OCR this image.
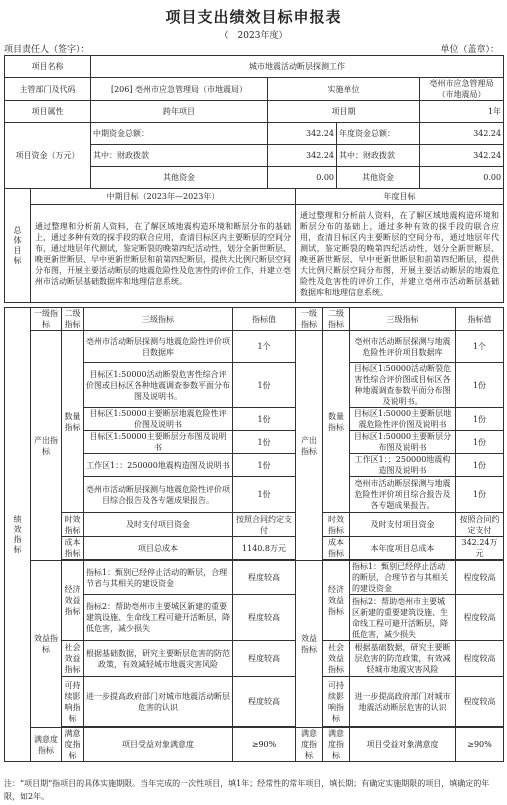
项目支出绩效目标申报表
（　2023年度）
项目责任人（签字）：	单位（盖章）：
项目名称	城市地震活动断层探测工作			
主管部门及代码	[206] 亳州市应急管理局（市地震局）	实施单位		亳州市应急管理局（市地震局）
项目属性	跨年项目	项目期		1年
项目资金（万元）	中期资金总额：	342.24	年度资金总额：	342.24
	其中：财政拨款	342.24	其中：财政拨款	342.24
	其他资金	0.00	其他资金	0.00
总体目标	中期目标（2023年—2023年）	年度目标
	通过整理和分析前人资料，在了解区域地震构造环境和断层分布的基础上，通过多种有效的探手段的联合应用，查清目标区内主要断层的空间分布，通过地层年代测试，鉴定断裂的晚第四纪活动性，划分全新世断层、晚更新世断层、早中更新世断层和前第四纪断层，提供大比例尺断层空间分布图，开展主要活动断层的地震危险性及危害性的评价工作，并建立亳州市活动断层基础数据库和地理信息系统。	通过整理和分析前人资料，在了解区域地震构造环境和断层分布的基础上，通过多种有效的探手段的联合应用，查清目标区内主要断层的空间分布，通过地层年代测试，鉴定断裂的晚第四纪活动性，划分全新世断层、晚更新世断层、早中更新世断层和前第四纪断层，提供大比例尺断层空间分布图，开展主要活动断层的地震危险性及危害性的评价工作，并建立亳州市活动断层基础数据库和地理信息系统。
绩效指标	一级指标	二级指标	三级指标	指标值	一级指标	二级指标	三级指标	指标值
	产出指标	数量指标	亳州市活动断层探测与地震危险性评价项目数据库	1个	产出指标	数量指标	亳州市活动断层探测与地震危险性评价项目数据库	1个
			目标区1:50000活动断裂危害性综合评价图或目标区各种地震调查参数平面分布图及说明书。	1份			目标区1:50000活动断裂危害性综合评价图或目标区各种地震调查参数平面分布图及说明书。	1份
			目标区1:50000主要断层地震危险性评价图及说明书	1份			目标区1:50000主要断层地震危险性评价图及说明书	1份
			目标区1:50000主要断层分布图及说明书	1份			目标区1:50000主要断层分布图及说明书	1份
			工作区1：：250000地震构造图及说明书	1份			工作区1：：250000地震构造图及说明书	1份
			亳州市活动断层探测与地震危险性评价项目综合报告及各专题成果报告。	1份			亳州市活动断层探测与地震危险性评价项目综合报告及各专题成果报告。	1份
		时效指标	及时支付项目资金	按照合同约定支付		时效指标	及时支付项目资金	按照合同约定支付
		成本指标	项目总成本	1140.8万元		成本指标	本年度项目总成本	342.24万元

	效益指标	经济效益指标	指标1：甄别已经停止活动的断层，合理节省与其相关的建设资金	程度较高	效益指标	经济效益指标	指标1：甄别已经停止活动的断层，合理节省与其相关的建设资金	程度较高
			指标2：帮助亳州市主要城区新建的重要建筑设施、生命线工程可避开活断层，降低危害，减少损失	程度较高			指标2：帮助亳州市主要城区新建的重要建筑设施、生命线工程可避开活断层，降低危害，减少损失	程度较高
		社会效益指标	根据基础数据，研究主要断层危害的防范政策，有效减轻城市地震灾害风险	程度较高		社会效益指标	根据基础数据，研究主要断层危害的防范政策，有效减轻城市地震灾害风险	程度较高
		可持续影响指标	进一步提高政府部门对城市地震活动断层危害的认识	程度较高		可持续影响指标	进一步提高政府部门对城市地震活动断层危害的认识	程度较高

	满意度指标	满意度指标	项目受益对象满意度	≥90%	满意度指标	满意度指标	项目受益对象满意度	≥90%
注：“项目期”指项目的具体实施期限。当年完成的一次性项目，填1年；经常性的常年项目，填长期；有确定实施期限的项目，填确定的年限，如2年。
